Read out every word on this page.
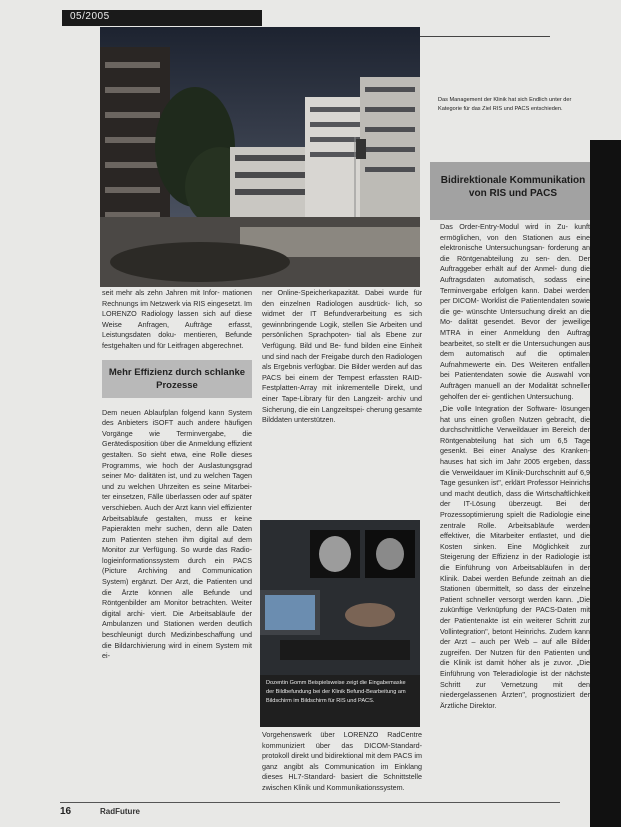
05/2005
Das Management der Klinik hat sich Endlich unter der Kategorie für das Ziel RIS und PACS entschieden.
Bidirektionale Kommunikation von RIS und PACS

seit mehr als zehn Jahren mit Infor- mationen Rechnungs im Netzwerk via RIS eingesetzt. Im LORENZO Radiology lassen sich auf diese Weise Anfragen, Aufträge erfasst, Leistungsdaten doku- mentieren, Befunde festgehalten und für Leitfragen abgerechnet.

Mehr Effizienz durch schlanke Prozesse

Dem neuen Ablaufplan folgend kann System des Anbieters iSOFT auch andere häufigen Vorgänge wie Terminvergabe, die Gerätedisposition über die Anmeldung effizient gestalten. So sieht etwa, eine Rolle dieses Programms, wie hoch der Auslastungsgrad seiner Mo- dalitäten ist, und zu welchen Tagen und zu welchen Uhrzeiten es seine Mitarbei- ter einsetzen, Fälle überlassen oder auf später verschieben. Auch der Arzt kann viel effizienter Arbeitsabläufe gestalten, muss er keine Papierakten mehr suchen, denn alle Daten zum Patienten stehen ihm digital auf dem Monitor zur Verfügung. So wurde das Radio- logieinformationssystem durch ein PACS (Picture Archiving and Communication System) ergänzt. Der Arzt, die Patienten und die Ärzte können alle Befunde und Röntgenbilder am Monitor betrachten. Weiter digital archi- viert. Die Arbeitsabläufe der Ambulanzen und Stationen werden deutlich beschleunigt durch Medizinbeschaffung und die Bildarchivierung wird in einem System mit ei-

ner Online-Speicherkapazität. Dabei wurde für den einzelnen Radiologen ausdrück- lich, so widmet der IT Befundverarbeitung es sich gewinnbringende Logik, stellen Sie Arbeiten und persönlichen Sprachpoten- tial als Ebene zur Verfügung. Bild und Be- fund bilden eine Einheit und sind nach der Freigabe durch den Radiologen als Ergebnis verfügbar. Die Bilder werden auf das PACS bei einem der Tempest erfassten RAID-Festplatten-Array mit inkrementelle Direkt, und einer Tape-Library für den Langzeit- archiv und Sicherung, die ein Langzeitspei- cherung gesamte Bilddaten unterstützen.

Dozentin Gomm Beispielsweise zeigt die Eingabemaske der Bildbefundung bei der Klinik Befund-Bearbeitung am Bildschirm im Bildschirm für RIS und PACS.

Vorgehenswerk über LORENZO RadCentre kommuniziert über das DICOM-Standard- protokoll direkt und bidirektional mit dem PACS im ganz angibt als Communication im Einklang dieses HL7-Standard- basiert die Schnittstelle zwischen Klinik und Kommunikationssystem.

Das Order-Entry-Modul wird in Zu- kunft ermöglichen, von den Stationen aus eine elektronische Untersuchungsan- forderung an die Röntgenabteilung zu sen- den. Der Auftraggeber erhält auf der Anmel- dung die Auftragsdaten automatisch, sodass eine Terminvergabe erfolgen kann. Dabei werden per DICOM- Worklist die Patientendaten sowie die ge- wünschte Untersuchung direkt an die Mo- dalität gesendet. Bevor der jeweilige MTRA in einer Anmeldung den Auftrag bearbeitet, so stellt er die Untersuchungen aus dem automatisch auf die optimalen Aufnahmewerte ein. Des Weiteren entfallen bei Patientendaten sowie die Auswahl von Aufträgen manuell an der Modalität schneller geholfen der ei- gentlichen Untersuchung.

„Die volle Integration der Software- lösungen hat uns einen großen Nutzen gebracht, die durchschnittliche Verweildauer im Bereich der Röntgenabteilung hat sich um 6,5 Tage gesenkt. Bei einer Analyse des Kranken- hauses hat sich im Jahr 2005 ergeben, dass die Verweildauer im Klinik-Durchschnitt auf 6,9 Tage gesunken ist", erklärt Professor Heinrichs und macht deutlich, dass die Wirtschaftlichkeit der IT-Lösung überzeugt. Bei der Prozessoptimierung spielt die Radiologie eine zentrale Rolle. Arbeitsabläufe werden effektiver, die Mitarbeiter entlastet, und die Kosten sinken. Eine Möglichkeit zur Steigerung der Effizienz in der Radiologie ist die Einführung von Arbeitsabläufen in der Klinik. Dabei werden Befunde zeitnah an die Stationen übermittelt, so dass der einzelne Patient schneller versorgt werden kann. „Die zukünftige Verknüpfung der PACS-Daten mit der Patientenakte ist ein weiterer Schritt zur Vollintegration", betont Heinrichs. Zudem kann der Arzt – auch per Web – auf alle Bilder zugreifen. Der Nutzen für den Patienten und die Klinik ist damit höher als je zuvor. „Die Einführung von Teleradiologie ist der nächste Schritt zur Vernetzung mit den niedergelassenen Ärzten", prognostiziert der Ärztliche Direktor.

16	RadFuture
